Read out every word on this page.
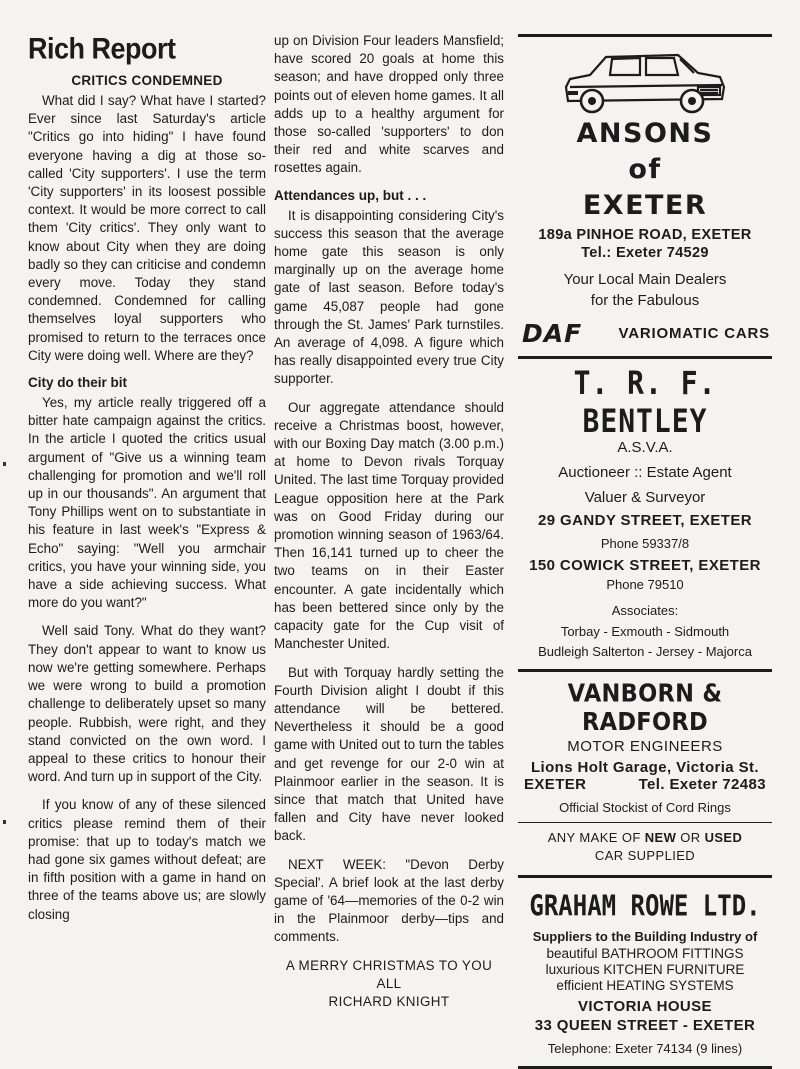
Rich Report
CRITICS CONDEMNED

What did I say? What have I started? Ever since last Saturday's article "Critics go into hiding" I have found everyone having a dig at those so-called 'City supporters'. I use the term 'City supporters' in its loosest possible context. It would be more correct to call them 'City critics'. They only want to know about City when they are doing badly so they can criticise and condemn every move. Today they stand condemned. Condemned for calling themselves loyal supporters who promised to return to the terraces once City were doing well. Where are they?

City do their bit

Yes, my article really triggered off a bitter hate campaign against the critics. In the article I quoted the critics usual argument of "Give us a winning team challenging for promotion and we'll roll up in our thousands". An argument that Tony Phillips went on to substantiate in his feature in last week's "Express & Echo" saying: "Well you armchair critics, you have your winning side, you have a side achieving success. What more do you want?"

Well said Tony. What do they want? They don't appear to want to know us now we're getting somewhere. Perhaps we were wrong to build a promotion challenge to deliberately upset so many people. Rubbish, were right, and they stand convicted on the own word. I appeal to these critics to honour their word. And turn up in support of the City.

If you know of any of these silenced critics please remind them of their promise: that up to today's match we had gone six games without defeat; are in fifth position with a game in hand on three of the teams above us; are slowly closing

up on Division Four leaders Mansfield; have scored 20 goals at home this season; and have dropped only three points out of eleven home games. It all adds up to a healthy argument for those so-called 'supporters' to don their red and white scarves and rosettes again.

Attendances up, but . . .

It is disappointing considering City's success this season that the average home gate this season is only marginally up on the average home gate of last season. Before today's game 45,087 people had gone through the St. James' Park turnstiles. An average of 4,098. A figure which has really disappointed every true City supporter.

Our aggregate attendance should receive a Christmas boost, however, with our Boxing Day match (3.00 p.m.) at home to Devon rivals Torquay United. The last time Torquay provided League opposition here at the Park was on Good Friday during our promotion winning season of 1963/64. Then 16,141 turned up to cheer the two teams on in their Easter encounter. A gate incidentally which has been bettered since only by the capacity gate for the Cup visit of Manchester United.

But with Torquay hardly setting the Fourth Division alight I doubt if this attendance will be bettered. Nevertheless it should be a good game with United out to turn the tables and get revenge for our 2-0 win at Plainmoor earlier in the season. It is since that match that United have fallen and City have never looked back.

NEXT WEEK: "Devon Derby Special'. A brief look at the last derby game of '64—memories of the 0-2 win in the Plainmoor derby—tips and comments.

A MERRY CHRISTMAS TO YOU

ALL

RICHARD KNIGHT

ANSONS
of
EXETER
189a PINHOE ROAD, EXETER
Tel.: Exeter 74529
Your Local Main Dealers
for the Fabulous
DAF VARIOMATIC CARS
T. R. F. BENTLEY
A.S.V.A.
Auctioneer :: Estate Agent
Valuer & Surveyor
29 GANDY STREET, EXETER
Phone 59337/8
150 COWICK STREET, EXETER
Phone 79510
Associates:
Torbay - Exmouth - Sidmouth
Budleigh Salterton - Jersey - Majorca
VANBORN & RADFORD
MOTOR ENGINEERS
Lions Holt Garage, Victoria St.
EXETER	Tel. Exeter 72483
Official Stockist of Cord Rings
ANY MAKE OF NEW OR USED
CAR SUPPLIED
GRAHAM ROWE LTD.
Suppliers to the Building Industry of
beautiful BATHROOM FITTINGS
luxurious KITCHEN FURNITURE
efficient HEATING SYSTEMS
VICTORIA HOUSE
33 QUEEN STREET - EXETER
Telephone: Exeter 74134 (9 lines)
